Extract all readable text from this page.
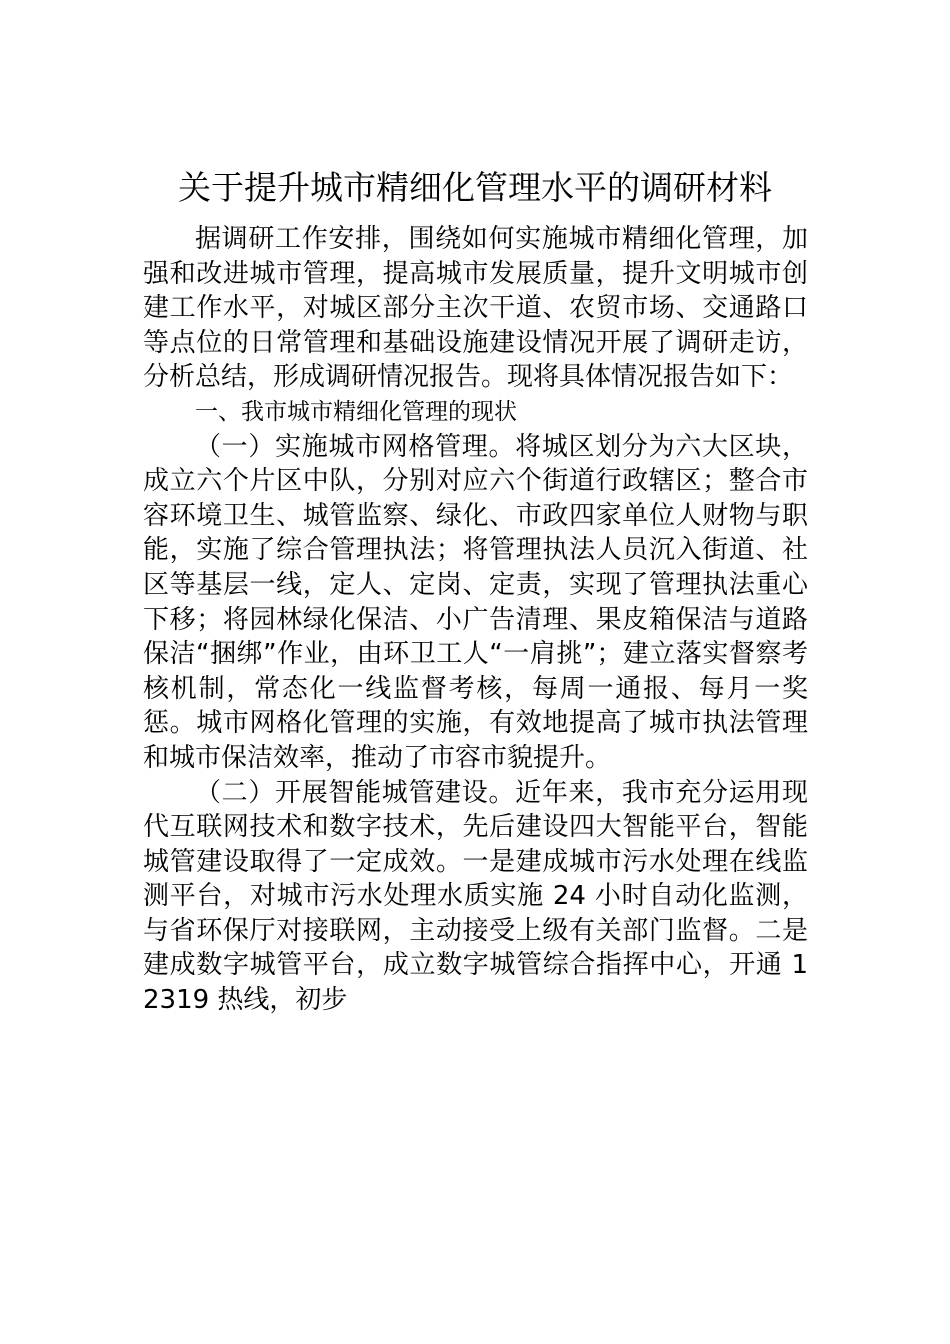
关于提升城市精细化管理水平的调研材料

据调研工作安排，围绕如何实施城市精细化管理，加强和改进城市管理，提高城市发展质量，提升文明城市创建工作水平，对城区部分主次干道、农贸市场、交通路口等点位的日常管理和基础设施建设情况开展了调研走访，分析总结，形成调研情况报告。现将具体情况报告如下：

一、我市城市精细化管理的现状

（一）实施城市网格管理。将城区划分为六大区块，成立六个片区中队，分别对应六个街道行政辖区；整合市容环境卫生、城管监察、绿化、市政四家单位人财物与职能，实施了综合管理执法；将管理执法人员沉入街道、社区等基层一线，定人、定岗、定责，实现了管理执法重心下移；将园林绿化保洁、小广告清理、果皮箱保洁与道路保洁“捆绑”作业，由环卫工人“一肩挑”；建立落实督察考核机制，常态化一线监督考核，每周一通报、每月一奖惩。城市网格化管理的实施，有效地提高了城市执法管理和城市保洁效率，推动了市容市貌提升。

（二）开展智能城管建设。近年来，我市充分运用现代互联网技术和数字技术，先后建设四大智能平台，智能城管建设取得了一定成效。一是建成城市污水处理在线监测平台，对城市污水处理水质实施 24 小时自动化监测，与省环保厅对接联网，主动接受上级有关部门监督。二是建成数字城管平台，成立数字城管综合指挥中心，开通 12319 热线，初步
